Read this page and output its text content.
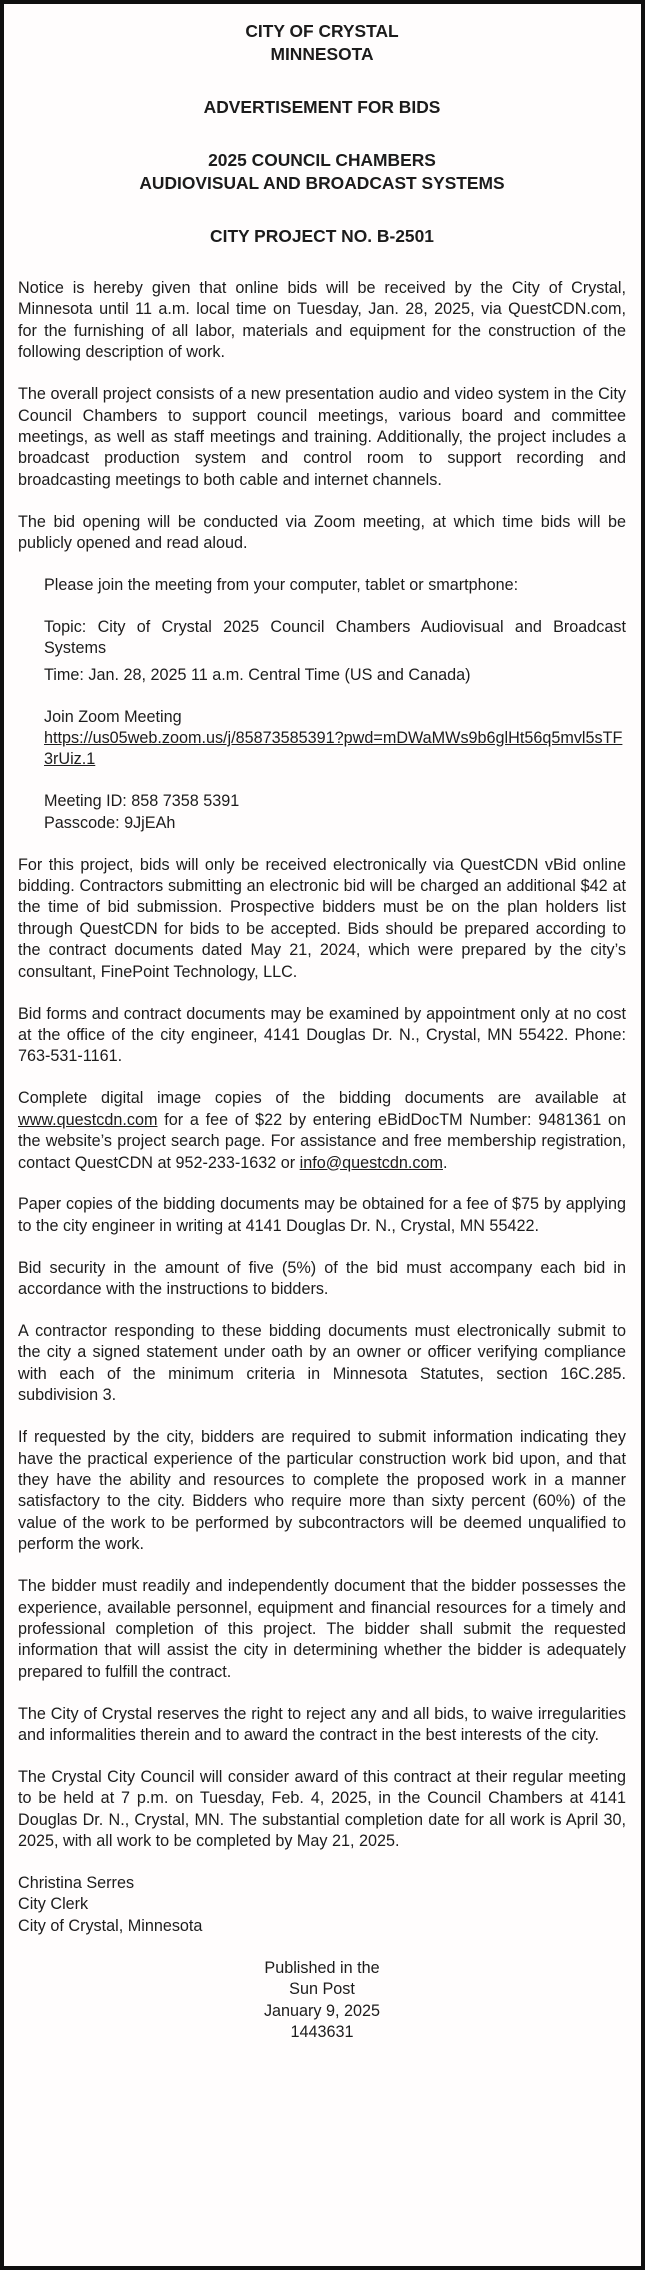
CITY OF CRYSTAL
MINNESOTA
ADVERTISEMENT FOR BIDS
2025 COUNCIL CHAMBERS
AUDIOVISUAL AND BROADCAST SYSTEMS
CITY PROJECT NO. B-2501

Notice is hereby given that online bids will be received by the City of Crystal, Minnesota until 11 a.m. local time on Tuesday, Jan. 28, 2025, via QuestCDN.com, for the furnishing of all labor, materials and equipment for the construction of the following description of work.

The overall project consists of a new presentation audio and video system in the City Council Chambers to support council meetings, various board and committee meetings, as well as staff meetings and training. Additionally, the project includes a broadcast production system and control room to support recording and broadcasting meetings to both cable and internet channels.

The bid opening will be conducted via Zoom meeting, at which time bids will be publicly opened and read aloud.

Please join the meeting from your computer, tablet or smartphone:

Topic: City of Crystal 2025 Council Chambers Audiovisual and Broadcast Systems

Time: Jan. 28, 2025 11 a.m. Central Time (US and Canada)

Join Zoom Meeting

https://us05web.zoom.us/j/85873585391?pwd=mDWaMWs9b6glHt56q5mvl5sTF3rUiz.1

Meeting ID: 858 7358 5391

Passcode: 9JjEAh

For this project, bids will only be received electronically via QuestCDN vBid online bidding. Contractors submitting an electronic bid will be charged an additional $42 at the time of bid submission. Prospective bidders must be on the plan holders list through QuestCDN for bids to be accepted. Bids should be prepared according to the contract documents dated May 21, 2024, which were prepared by the city’s consultant, FinePoint Technology, LLC.

Bid forms and contract documents may be examined by appointment only at no cost at the office of the city engineer, 4141 Douglas Dr. N., Crystal, MN 55422. Phone: 763-531-1161.

Complete digital image copies of the bidding documents are available at www.questcdn.com for a fee of $22 by entering eBidDocTM Number: 9481361 on the website’s project search page. For assistance and free membership registration, contact QuestCDN at 952-233-1632 or info@questcdn.com.

Paper copies of the bidding documents may be obtained for a fee of $75 by applying to the city engineer in writing at 4141 Douglas Dr. N., Crystal, MN 55422.

Bid security in the amount of five (5%) of the bid must accompany each bid in accordance with the instructions to bidders.

A contractor responding to these bidding documents must electronically submit to the city a signed statement under oath by an owner or officer verifying compliance with each of the minimum criteria in Minnesota Statutes, section 16C.285. subdivision 3.

If requested by the city, bidders are required to submit information indicating they have the practical experience of the particular construction work bid upon, and that they have the ability and resources to complete the proposed work in a manner satisfactory to the city. Bidders who require more than sixty percent (60%) of the value of the work to be performed by subcontractors will be deemed unqualified to perform the work.

The bidder must readily and independently document that the bidder possesses the experience, available personnel, equipment and financial resources for a timely and professional completion of this project. The bidder shall submit the requested information that will assist the city in determining whether the bidder is adequately prepared to fulfill the contract.

The City of Crystal reserves the right to reject any and all bids, to waive irregularities and informalities therein and to award the contract in the best interests of the city.

The Crystal City Council will consider award of this contract at their regular meeting to be held at 7 p.m. on Tuesday, Feb. 4, 2025, in the Council Chambers at 4141 Douglas Dr. N., Crystal, MN. The substantial completion date for all work is April 30, 2025, with all work to be completed by May 21, 2025.

Christina Serres
City Clerk
City of Crystal, Minnesota
Published in the
Sun Post
January 9, 2025
1443631
